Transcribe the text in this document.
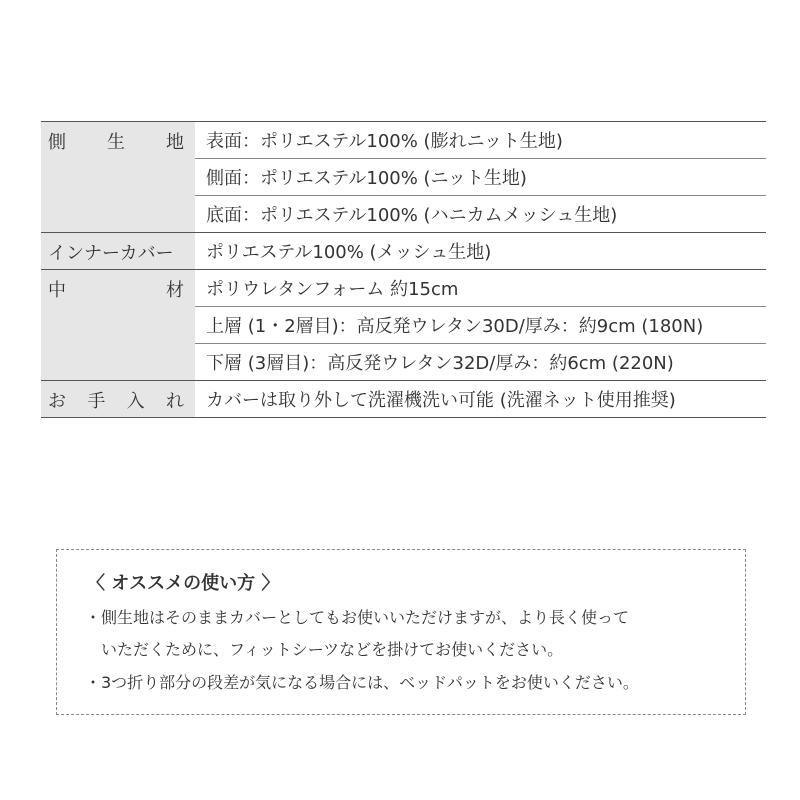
側 生 地	表面：ポリエステル100% (膨れニット生地)
	側面：ポリエステル100% (ニット生地)
	底面：ポリエステル100% (ハニカムメッシュ生地)

インナーカバー	ポリエステル100% (メッシュ生地)

中 材	ポリウレタンフォーム 約15cm
	上層 (1・2層目)：高反発ウレタン30D/厚み：約9cm (180N)
	下層 (3層目)：高反発ウレタン32D/厚み：約6cm (220N)

お 手 入 れ	カバーは取り外して洗濯機洗い可能 (洗濯ネット使用推奨)
〈 オススメの使い方 〉
・側生地はそのままカバーとしてもお使いいただけますが、より長く使って
いただくために、フィットシーツなどを掛けてお使いください。
・3つ折り部分の段差が気になる場合には、ベッドパットをお使いください。
